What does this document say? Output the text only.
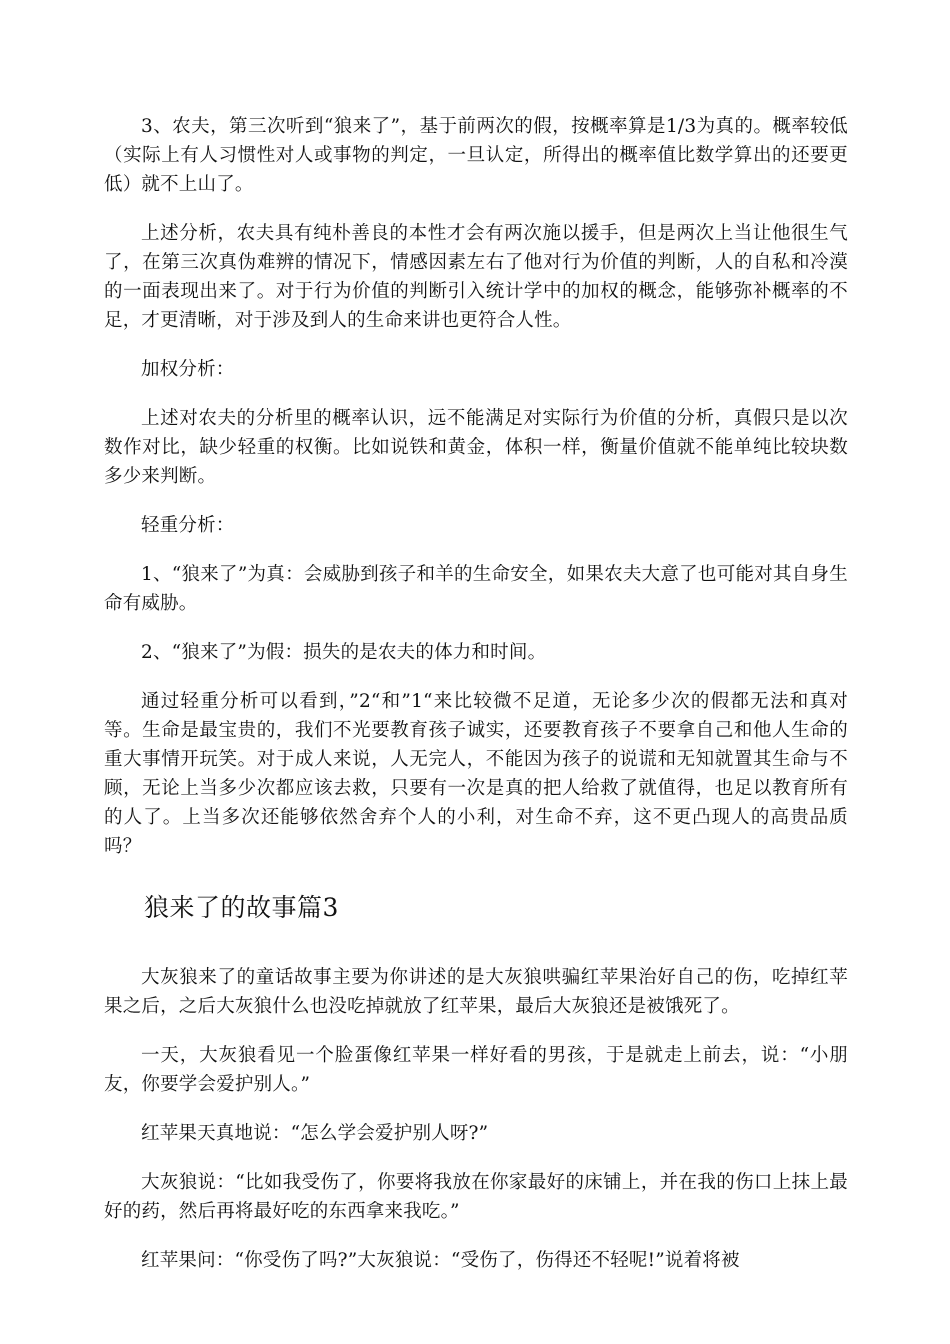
3、农夫，第三次听到“狼来了”，基于前两次的假，按概率算是1/3为真的。概率较低（实际上有人习惯性对人或事物的判定，一旦认定，所得出的概率值比数学算出的还要更低）就不上山了。

上述分析，农夫具有纯朴善良的本性才会有两次施以援手，但是两次上当让他很生气了，在第三次真伪难辨的情况下，情感因素左右了他对行为价值的判断，人的自私和冷漠的一面表现出来了。对于行为价值的判断引入统计学中的加权的概念，能够弥补概率的不足，才更清晰，对于涉及到人的生命来讲也更符合人性。

加权分析：

上述对农夫的分析里的概率认识，远不能满足对实际行为价值的分析，真假只是以次数作对比，缺少轻重的权衡。比如说铁和黄金，体积一样，衡量价值就不能单纯比较块数多少来判断。

轻重分析：

1、“狼来了”为真：会威胁到孩子和羊的生命安全，如果农夫大意了也可能对其自身生命有威胁。

2、“狼来了”为假：损失的是农夫的体力和时间。

通过轻重分析可以看到，”2“和”1“来比较微不足道，无论多少次的假都无法和真对等。生命是最宝贵的，我们不光要教育孩子诚实，还要教育孩子不要拿自己和他人生命的重大事情开玩笑。对于成人来说，人无完人，不能因为孩子的说谎和无知就置其生命与不顾，无论上当多少次都应该去救，只要有一次是真的把人给救了就值得，也足以教育所有的人了。上当多次还能够依然舍弃个人的小利，对生命不弃，这不更凸现人的高贵品质吗？

狼来了的故事篇3

大灰狼来了的童话故事主要为你讲述的是大灰狼哄骗红苹果治好自己的伤，吃掉红苹果之后，之后大灰狼什么也没吃掉就放了红苹果，最后大灰狼还是被饿死了。

一天，大灰狼看见一个脸蛋像红苹果一样好看的男孩，于是就走上前去，说：“小朋友，你要学会爱护别人。”

红苹果天真地说：“怎么学会爱护别人呀?”

大灰狼说：“比如我受伤了，你要将我放在你家最好的床铺上，并在我的伤口上抹上最好的药，然后再将最好吃的东西拿来我吃。”

红苹果问：“你受伤了吗?”大灰狼说：“受伤了，伤得还不轻呢!”说着将被
